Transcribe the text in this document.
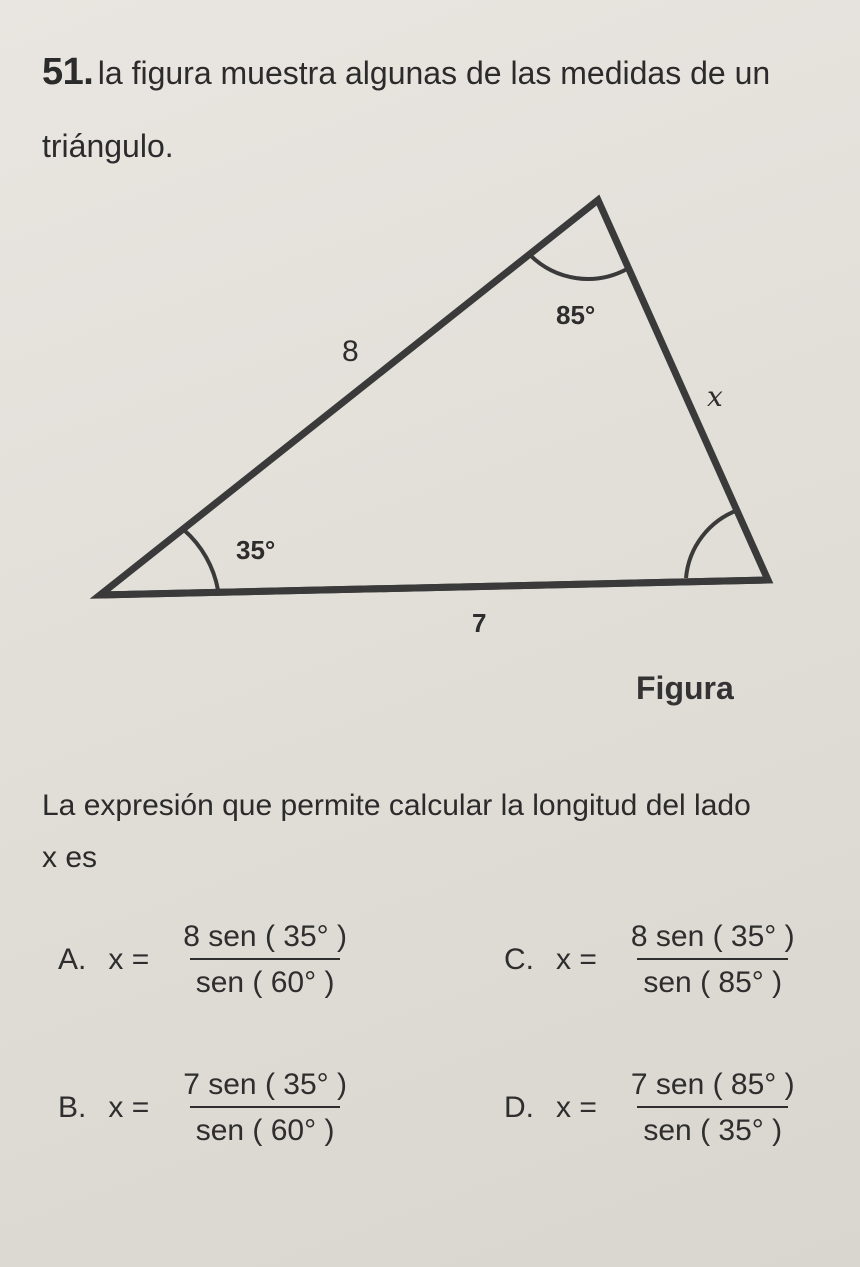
51. la figura muestra algunas de las medidas de un
triángulo.
8
85°
x
35°
7
Figura
La expresión que permite calcular la longitud del lado
x es
A. $x = \frac{\text{8 sen ( 35° )}}{\text{sen ( 60° )}}$
B. $x = \frac{\text{7 sen ( 35° )}}{\text{sen ( 60° )}}$
C. $x = \frac{\text{8 sen ( 35° )}}{\text{sen ( 85° )}}$
D. $x = \frac{\text{7 sen ( 85° )}}{\text{sen ( 35° )}}$
